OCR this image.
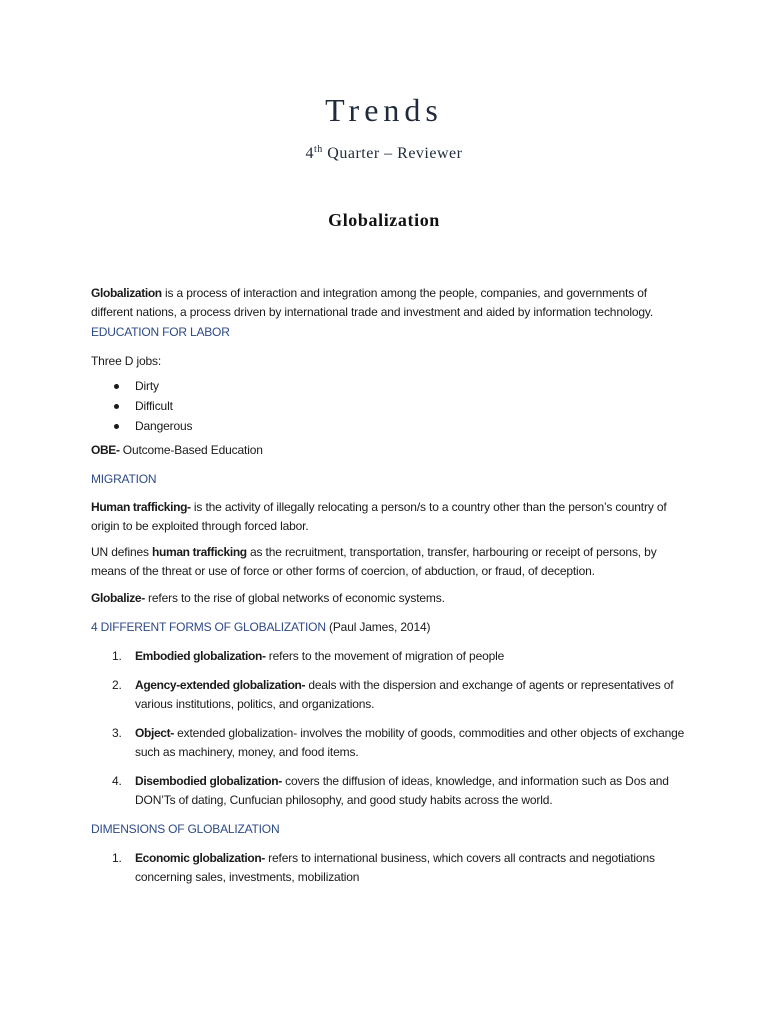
Trends
4th Quarter – Reviewer
Globalization

Globalization is a process of interaction and integration among the people, companies, and governments of different nations, a process driven by international trade and investment and aided by information technology.

EDUCATION FOR LABOR

Three D jobs:

Dirty
Difficult
Dangerous

OBE- Outcome-Based Education

MIGRATION

Human trafficking- is the activity of illegally relocating a person/s to a country other than the person’s country of origin to be exploited through forced labor.

UN defines human trafficking as the recruitment, transportation, transfer, harbouring or receipt of persons, by means of the threat or use of force or other forms of coercion, of abduction, or fraud, of deception.

Globalize- refers to the rise of global networks of economic systems.

4 DIFFERENT FORMS OF GLOBALIZATION (Paul James, 2014)

1. Embodied globalization- refers to the movement of migration of people
2. Agency-extended globalization- deals with the dispersion and exchange of agents or representatives of various institutions, politics, and organizations.
3. Object- extended globalization- involves the mobility of goods, commodities and other objects of exchange such as machinery, money, and food items.
4. Disembodied globalization- covers the diffusion of ideas, knowledge, and information such as Dos and DON’Ts of dating, Cunfucian philosophy, and good study habits across the world.

DIMENSIONS OF GLOBALIZATION

1. Economic globalization- refers to international business, which covers all contracts and negotiations concerning sales, investments, mobilization
